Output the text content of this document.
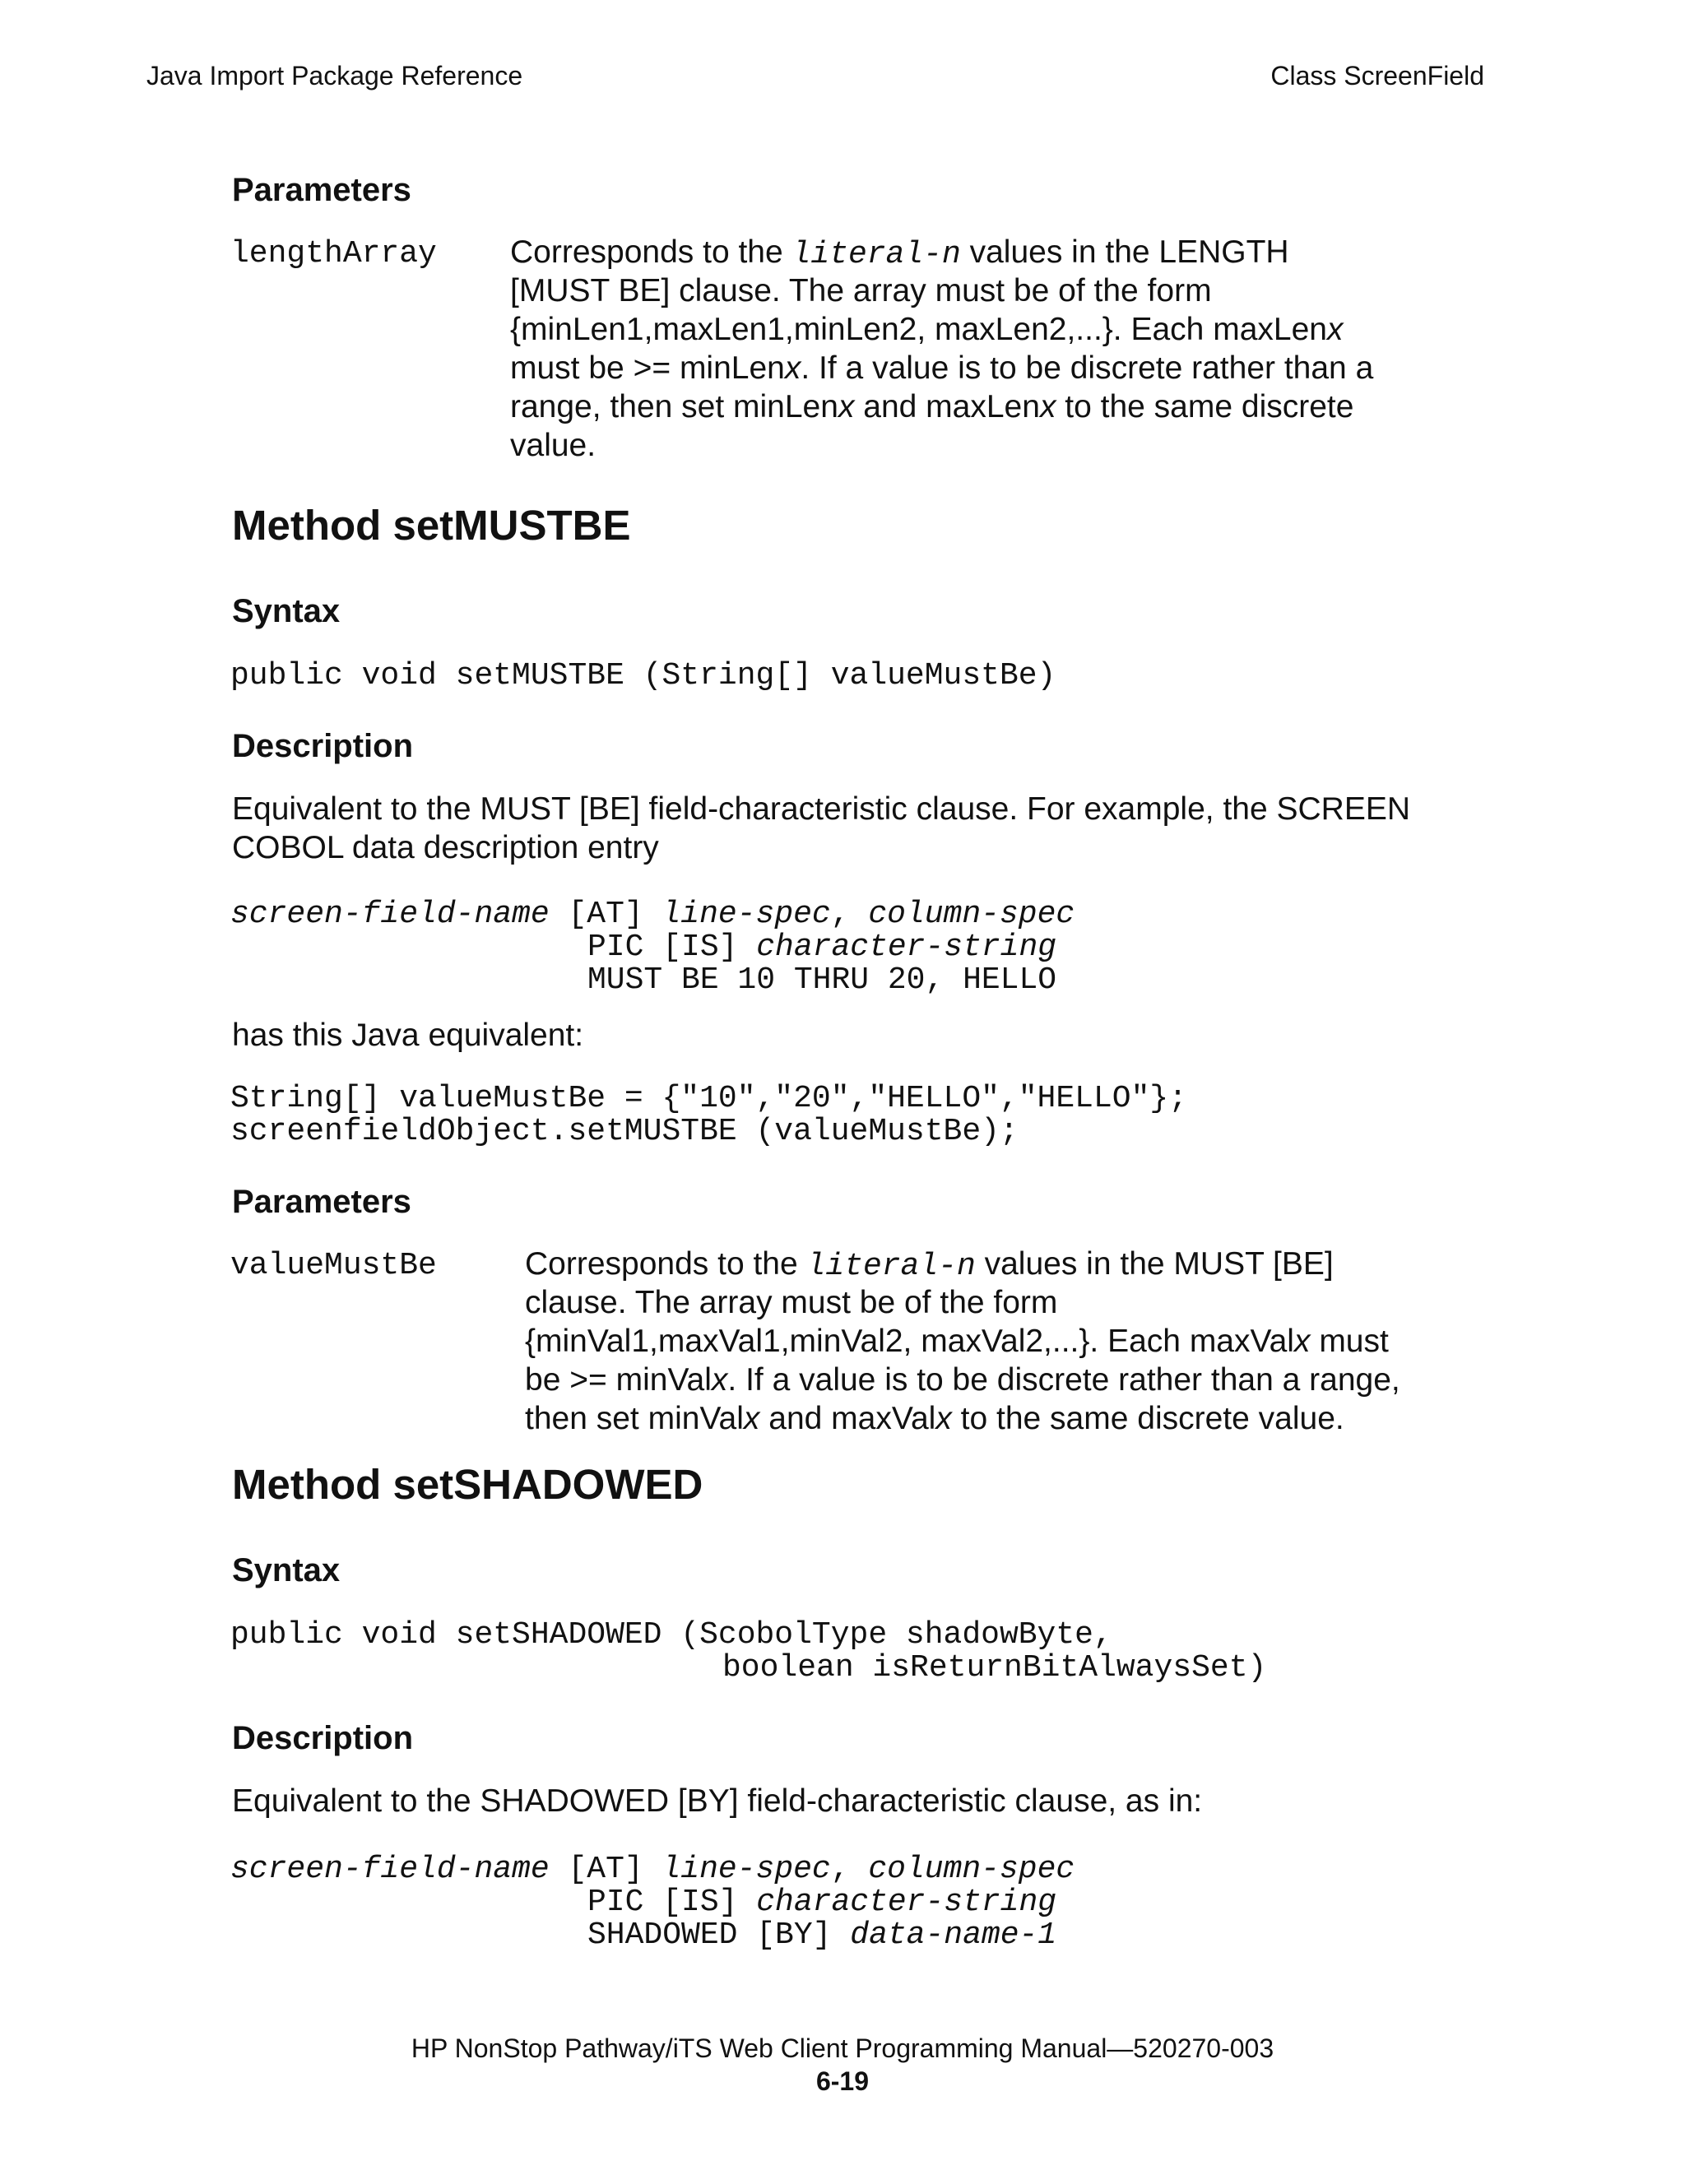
Java Import Package Reference	Class ScreenField
Parameters
lengthArray Corresponds to the literal-n values in the LENGTH
[MUST BE] clause. The array must be of the form
{minLen1,maxLen1,minLen2, maxLen2,...}. Each maxLenx
must be >= minLenx. If a value is to be discrete rather than a
range, then set minLenx and maxLenx to the same discrete
value.
Method setMUSTBE
Syntax
public void setMUSTBE (String[] valueMustBe)
Description
Equivalent to the MUST [BE] field-characteristic clause. For example, the SCREEN
COBOL data description entry
screen-field-name [AT] line-spec, column-spec
PIC [IS] character-string
MUST BE 10 THRU 20, HELLO
has this Java equivalent:
String[] valueMustBe = {"10","20","HELLO","HELLO"};
screenfieldObject.setMUSTBE (valueMustBe);
Parameters
valueMustBe	Corresponds to the literal-n values in the MUST [BE]
clause. The array must be of the form
{minVal1,maxVal1,minVal2, maxVal2,...}. Each maxValx must
be >= minValx. If a value is to be discrete rather than a range,
then set minValx and maxValx to the same discrete value.
Method setSHADOWED
Syntax
public void setSHADOWED (ScobolType shadowByte,
boolean isReturnBitAlwaysSet)
Description
Equivalent to the SHADOWED [BY] field-characteristic clause, as in:
screen-field-name [AT] line-spec, column-spec
PIC [IS] character-string
SHADOWED [BY] data-name-1
HP NonStop Pathway/iTS Web Client Programming Manual—520270-003
6-19
